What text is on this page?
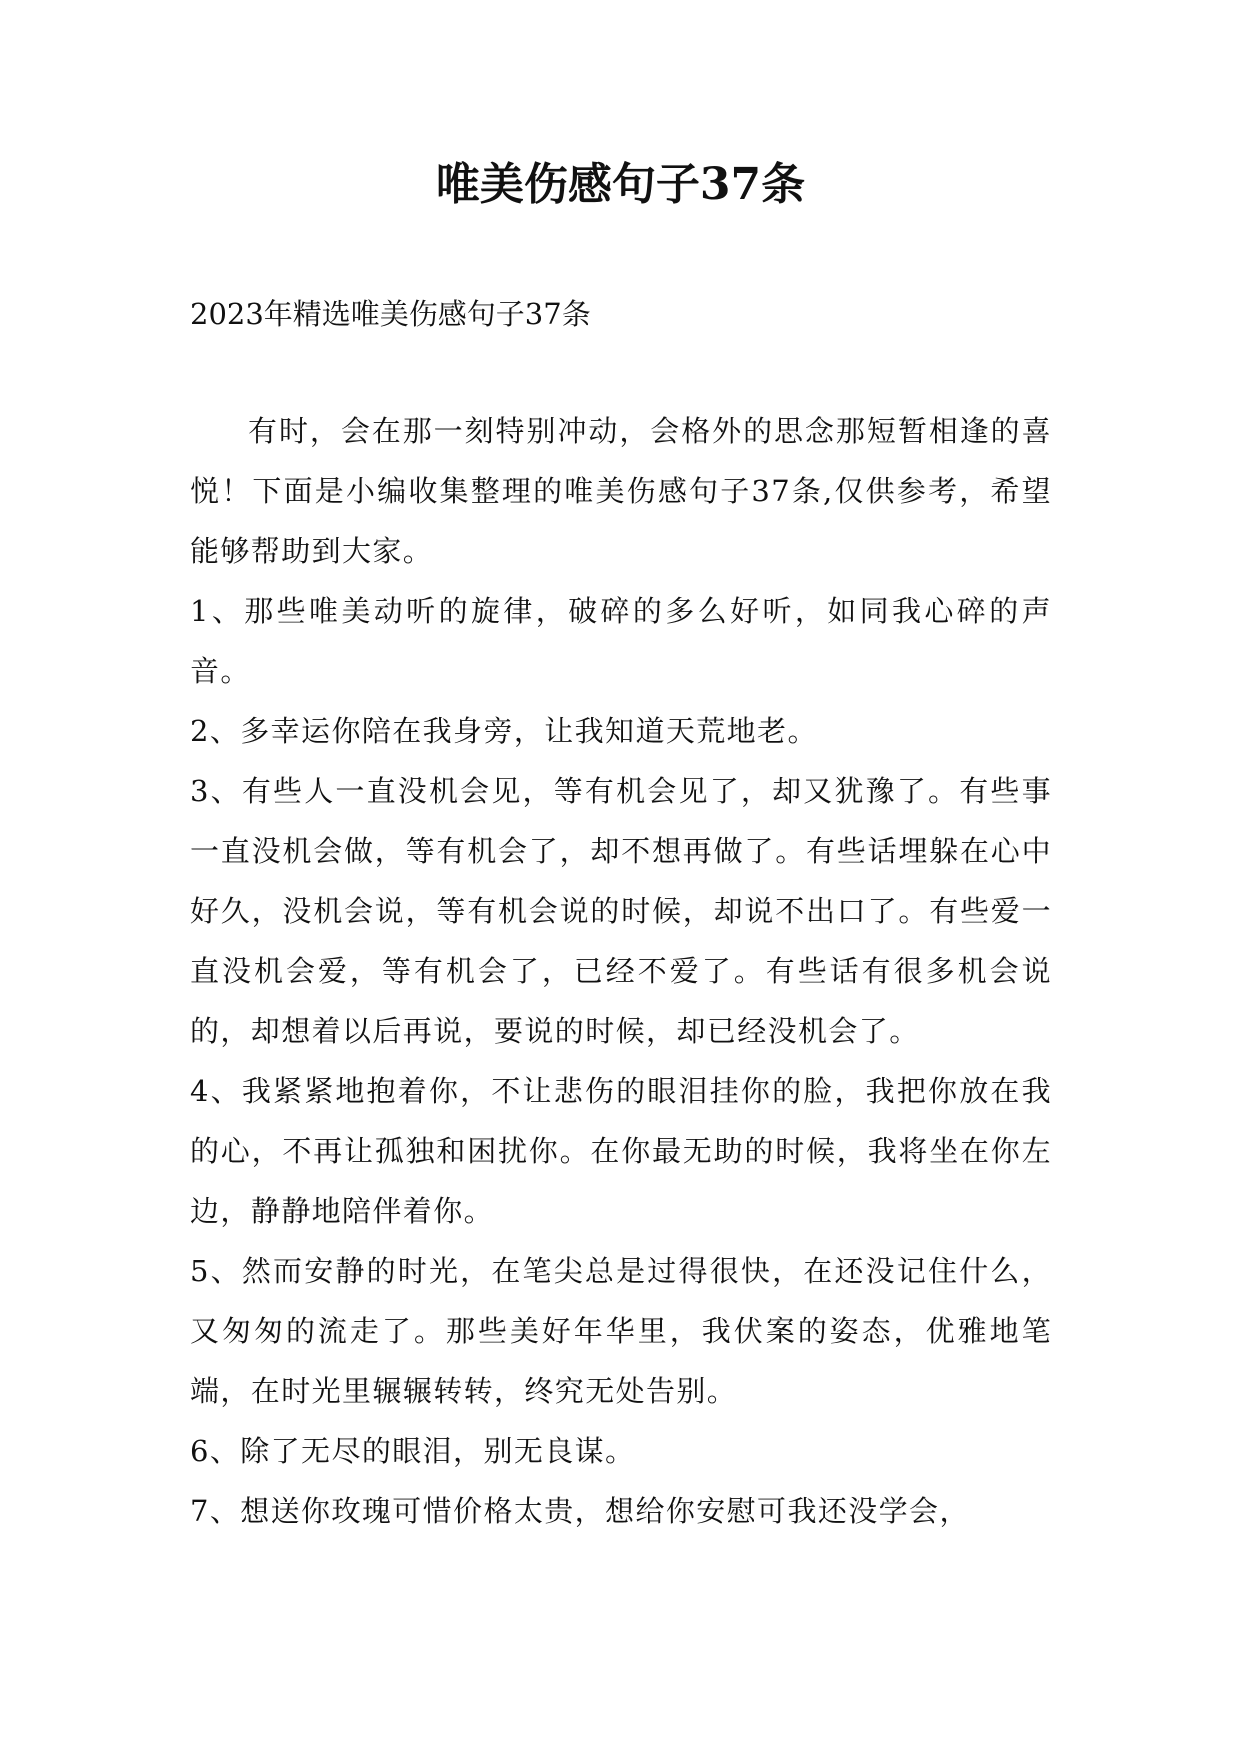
唯美伤感句子37条

2023年精选唯美伤感句子37条

有时，会在那一刻特别冲动，会格外的思念那短暂相逢的喜悦！下面是小编收集整理的唯美伤感句子37条,仅供参考，希望能够帮助到大家。

1、那些唯美动听的旋律，破碎的多么好听，如同我心碎的声音。

2、多幸运你陪在我身旁，让我知道天荒地老。

3、有些人一直没机会见，等有机会见了，却又犹豫了。有些事一直没机会做，等有机会了，却不想再做了。有些话埋躲在心中好久，没机会说，等有机会说的时候，却说不出口了。有些爱一直没机会爱，等有机会了，已经不爱了。有些话有很多机会说的，却想着以后再说，要说的时候，却已经没机会了。

4、我紧紧地抱着你，不让悲伤的眼泪挂你的脸，我把你放在我的心，不再让孤独和困扰你。在你最无助的时候，我将坐在你左边，静静地陪伴着你。

5、然而安静的时光，在笔尖总是过得很快，在还没记住什么，又匆匆的流走了。那些美好年华里，我伏案的姿态，优雅地笔端，在时光里辗辗转转，终究无处告别。

6、除了无尽的眼泪，别无良谋。

7、想送你玫瑰可惜价格太贵，想给你安慰可我还没学会，
